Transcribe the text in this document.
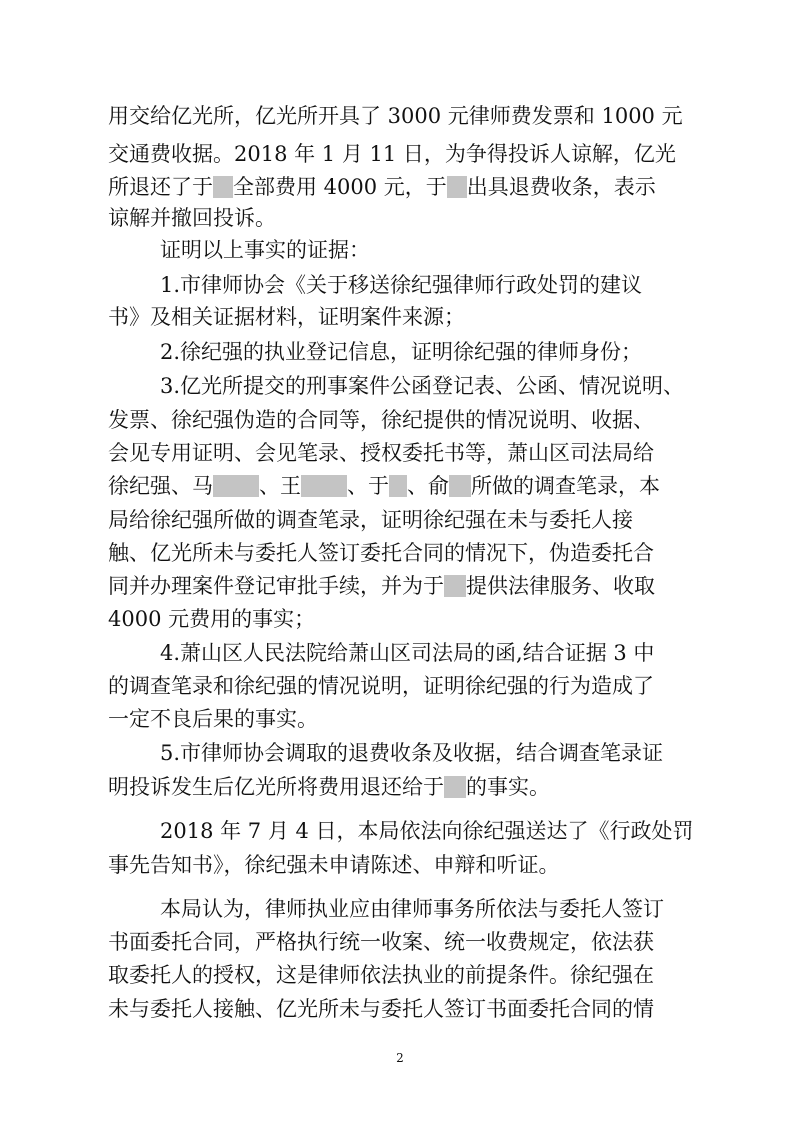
用交给亿光所，亿光所开具了 3000 元律师费发票和 1000 元
交通费收据。2018 年 1 月 11 日，为争得投诉人谅解，亿光
所退还了于 全部费用 4000 元，于 出具退费收条，表示
谅解并撤回投诉。
证明以上事实的证据：
1.市律师协会《关于移送徐纪强律师行政处罚的建议
书》及相关证据材料，证明案件来源；
2.徐纪强的执业登记信息，证明徐纪强的律师身份；
3.亿光所提交的刑事案件公函登记表、公函、情况说明、
发票、徐纪强伪造的合同等，徐纪提供的情况说明、收据、
会见专用证明、会见笔录、授权委托书等，萧山区司法局给
徐纪强、马 、王 、于 、俞 所做的调查笔录，本
局给徐纪强所做的调查笔录，证明徐纪强在未与委托人接
触、亿光所未与委托人签订委托合同的情况下，伪造委托合
同并办理案件登记审批手续，并为于 提供法律服务、收取
4000 元费用的事实；
4.萧山区人民法院给萧山区司法局的函,结合证据 3 中
的调查笔录和徐纪强的情况说明，证明徐纪强的行为造成了
一定不良后果的事实。
5.市律师协会调取的退费收条及收据，结合调查笔录证
明投诉发生后亿光所将费用退还给于 的事实。
2018 年 7 月 4 日，本局依法向徐纪强送达了《行政处罚
事先告知书》，徐纪强未申请陈述、申辩和听证。
本局认为，律师执业应由律师事务所依法与委托人签订
书面委托合同，严格执行统一收案、统一收费规定，依法获
取委托人的授权，这是律师依法执业的前提条件。徐纪强在
未与委托人接触、亿光所未与委托人签订书面委托合同的情
2
